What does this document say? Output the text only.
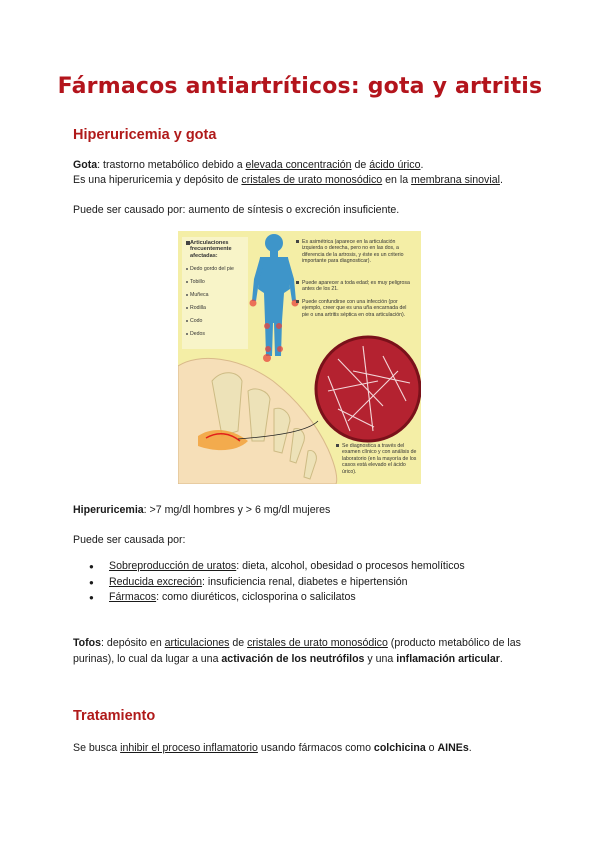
Fármacos antiartríticos: gota y artritis
Hiperuricemia y gota

Gota: trastorno metabólico debido a elevada concentración de ácido úrico.
Es una hiperuricemia y depósito de cristales de urato monosódico en la membrana sinovial.

Puede ser causado por: aumento de síntesis o excreción insuficiente.

Articulaciones frecuentemente afectadas:
Dedo gordo del pie
Tobillo
Muñeca
Rodilla
Codo
Dedos
Es asimétrica (aparece en la articulación izquierda o derecha, pero no en las dos, a diferencia de la artrosis, y éste es un criterio importante para diagnosticar).
Puede aparecer a toda edad; es muy peligrosa antes de los 21.
Puede confundirse con una infección (por ejemplo, creer que es una uña encarnada del pie o una artritis séptica en otra articulación).
Se diagnostica a través del examen clínico y con análisis de laboratorio (en la mayoría de los casos está elevado el ácido úrico).

Hiperuricemia: >7 mg/dl hombres y > 6 mg/dl mujeres

Puede ser causada por:

● Sobreproducción de uratos: dieta, alcohol, obesidad o procesos hemolíticos
● Reducida excreción: insuficiencia renal, diabetes e hipertensión
● Fármacos: como diuréticos, ciclosporina o salicilatos

Tofos: depósito en articulaciones de cristales de urato monosódico (producto metabólico de las purinas), lo cual da lugar a una activación de los neutrófilos y una inflamación articular.

Tratamiento

Se busca inhibir el proceso inflamatorio usando fármacos como colchicina o AINEs.
